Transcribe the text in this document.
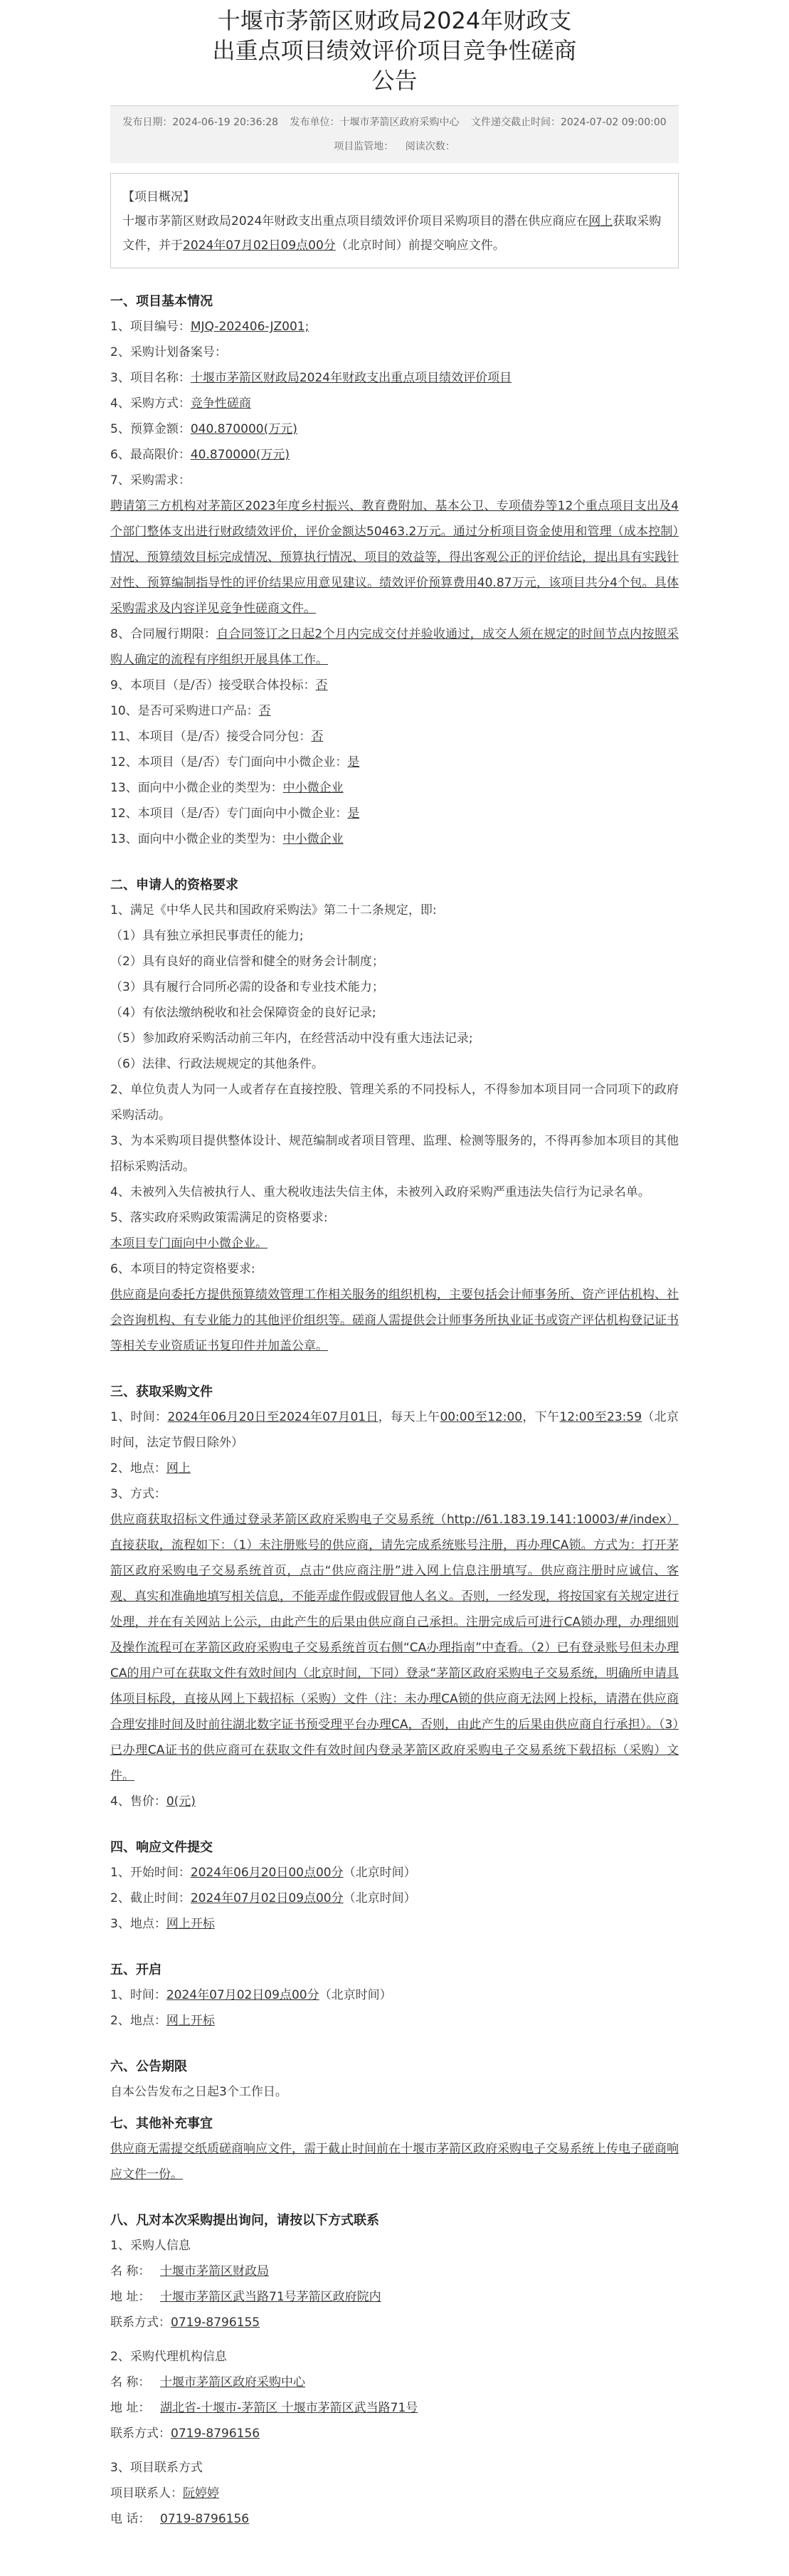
十堰市茅箭区财政局2024年财政支出重点项目绩效评价项目竞争性磋商公告
发布日期：2024-06-19 20:36:28 发布单位：十堰市茅箭区政府采购中心 文件递交截止时间：2024-07-02 09:00:00 项目监管地： 阅读次数：
【项目概况】
十堰市茅箭区财政局2024年财政支出重点项目绩效评价项目采购项目的潜在供应商应在网上获取采购文件，并于2024年07月02日09点00分（北京时间）前提交响应文件。
一、项目基本情况
1、项目编号：MJQ-202406-JZ001;
2、采购计划备案号：
3、项目名称：十堰市茅箭区财政局2024年财政支出重点项目绩效评价项目
4、采购方式：竞争性磋商
5、预算金额：040.870000(万元)
6、最高限价：40.870000(万元)
7、采购需求：
聘请第三方机构对茅箭区2023年度乡村振兴、教育费附加、基本公卫、专项债券等12个重点项目支出及4个部门整体支出进行财政绩效评价，评价金额达50463.2万元。通过分析项目资金使用和管理（成本控制）情况、预算绩效目标完成情况、预算执行情况、项目的效益等，得出客观公正的评价结论，提出具有实践针对性、预算编制指导性的评价结果应用意见建议。绩效评价预算费用40.87万元，该项目共分4个包。具体采购需求及内容详见竞争性磋商文件。
8、合同履行期限：自合同签订之日起2个月内完成交付并验收通过，成交人须在规定的时间节点内按照采购人确定的流程有序组织开展具体工作。
9、本项目（是/否）接受联合体投标：否
10、是否可采购进口产品：否
11、本项目（是/否）接受合同分包：否
12、本项目（是/否）专门面向中小微企业：是
13、面向中小微企业的类型为：中小微企业
12、本项目（是/否）专门面向中小微企业：是
13、面向中小微企业的类型为：中小微企业
二、申请人的资格要求
1、满足《中华人民共和国政府采购法》第二十二条规定，即:
（1）具有独立承担民事责任的能力;
（2）具有良好的商业信誉和健全的财务会计制度；
（3）具有履行合同所必需的设备和专业技术能力；
（4）有依法缴纳税收和社会保障资金的良好记录;
（5）参加政府采购活动前三年内，在经营活动中没有重大违法记录;
（6）法律、行政法规规定的其他条件。
2、单位负责人为同一人或者存在直接控股、管理关系的不同投标人，不得参加本项目同一合同项下的政府采购活动。
3、为本采购项目提供整体设计、规范编制或者项目管理、监理、检测等服务的，不得再参加本项目的其他招标采购活动。
4、未被列入失信被执行人、重大税收违法失信主体，未被列入政府采购严重违法失信行为记录名单。
5、落实政府采购政策需满足的资格要求:
本项目专门面向中小微企业。
6、本项目的特定资格要求:
供应商是向委托方提供预算绩效管理工作相关服务的组织机构，主要包括会计师事务所、资产评估机构、社会咨询机构、有专业能力的其他评价组织等。磋商人需提供会计师事务所执业证书或资产评估机构登记证书等相关专业资质证书复印件并加盖公章。
三、获取采购文件
1、时间：2024年06月20日至2024年07月01日，每天上午00:00至12:00，下午12:00至23:59（北京时间，法定节假日除外）
2、地点：网上
3、方式：
供应商获取招标文件通过登录茅箭区政府采购电子交易系统（http://61.183.19.141:10003/#/index）直接获取，流程如下：（1）未注册账号的供应商，请先完成系统账号注册，再办理CA锁。方式为：打开茅箭区政府采购电子交易系统首页，点击“供应商注册”进入网上信息注册填写。供应商注册时应诚信、客观、真实和准确地填写相关信息，不能弄虚作假或假冒他人名义。否则，一经发现，将按国家有关规定进行处理，并在有关网站上公示，由此产生的后果由供应商自己承担。注册完成后可进行CA锁办理，办理细则及操作流程可在茅箭区政府采购电子交易系统首页右侧“CA办理指南”中查看。（2）已有登录账号但未办理CA的用户可在获取文件有效时间内（北京时间，下同）登录“茅箭区政府采购电子交易系统，明确所申请具体项目标段，直接从网上下载招标（采购）文件（注：未办理CA锁的供应商无法网上投标，请潜在供应商合理安排时间及时前往湖北数字证书预受理平台办理CA，否则，由此产生的后果由供应商自行承担）。（3）已办理CA证书的供应商可在获取文件有效时间内登录茅箭区政府采购电子交易系统下载招标（采购）文件。
4、售价：0(元)
四、响应文件提交
1、开始时间：2024年06月20日00点00分（北京时间）
2、截止时间：2024年07月02日09点00分（北京时间）
3、地点：网上开标
五、开启
1、时间：2024年07月02日09点00分（北京时间）
2、地点：网上开标
六、公告期限
自本公告发布之日起3个工作日。
七、其他补充事宜
供应商无需提交纸质磋商响应文件，需于截止时间前在十堰市茅箭区政府采购电子交易系统上传电子磋商响应文件一份。
八、凡对本次采购提出询问，请按以下方式联系
1、采购人信息
名 称： 十堰市茅箭区财政局
地 址： 十堰市茅箭区武当路71号茅箭区政府院内
联系方式：0719-8796155
2、采购代理机构信息
名 称： 十堰市茅箭区政府采购中心
地 址： 湖北省-十堰市-茅箭区 十堰市茅箭区武当路71号
联系方式：0719-8796156
3、项目联系方式
项目联系人：阮婷婷
电 话： 0719-8796156
